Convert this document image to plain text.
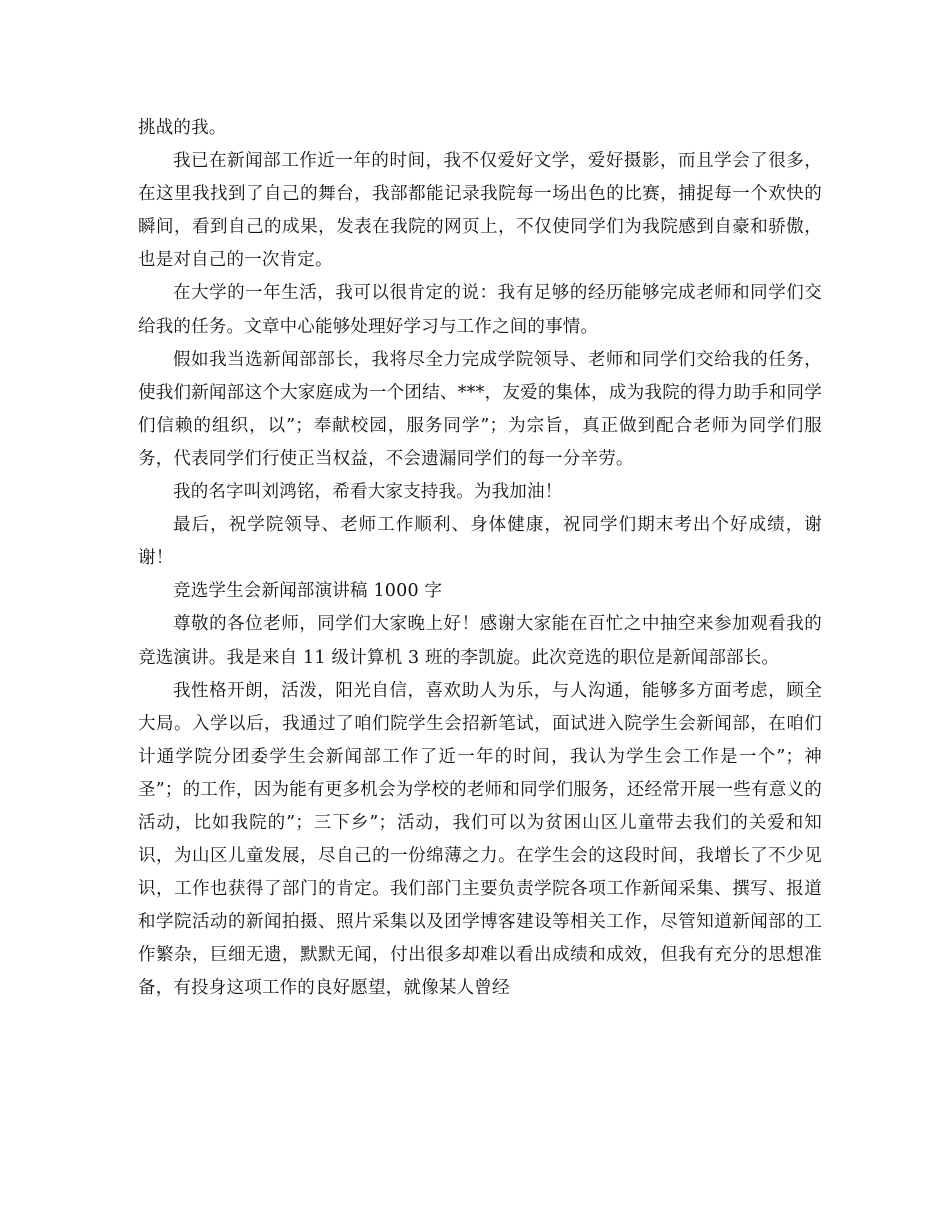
挑战的我。

我已在新闻部工作近一年的时间，我不仅爱好文学，爱好摄影，而且学会了很多，在这里我找到了自己的舞台，我部都能记录我院每一场出色的比赛，捕捉每一个欢快的瞬间，看到自己的成果，发表在我院的网页上，不仅使同学们为我院感到自豪和骄傲，也是对自己的一次肯定。

在大学的一年生活，我可以很肯定的说：我有足够的经历能够完成老师和同学们交给我的任务。文章中心能够处理好学习与工作之间的事情。

假如我当选新闻部部长，我将尽全力完成学院领导、老师和同学们交给我的任务，使我们新闻部这个大家庭成为一个团结、***，友爱的集体，成为我院的得力助手和同学们信赖的组织，以”；奉献校园，服务同学”；为宗旨，真正做到配合老师为同学们服务，代表同学们行使正当权益，不会遗漏同学们的每一分辛劳。

我的名字叫刘鸿铭，希看大家支持我。为我加油！

最后，祝学院领导、老师工作顺利、身体健康，祝同学们期末考出个好成绩，谢谢！

竞选学生会新闻部演讲稿 1000 字

尊敬的各位老师，同学们大家晚上好！感谢大家能在百忙之中抽空来参加观看我的竞选演讲。我是来自 11 级计算机 3 班的李凯旋。此次竞选的职位是新闻部部长。

我性格开朗，活泼，阳光自信，喜欢助人为乐，与人沟通，能够多方面考虑，顾全大局。入学以后，我通过了咱们院学生会招新笔试，面试进入院学生会新闻部，在咱们计通学院分团委学生会新闻部工作了近一年的时间，我认为学生会工作是一个”；神圣”；的工作，因为能有更多机会为学校的老师和同学们服务，还经常开展一些有意义的活动，比如我院的”；三下乡”；活动，我们可以为贫困山区儿童带去我们的关爱和知识，为山区儿童发展，尽自己的一份绵薄之力。在学生会的这段时间，我增长了不少见识，工作也获得了部门的肯定。我们部门主要负责学院各项工作新闻采集、撰写、报道和学院活动的新闻拍摄、照片采集以及团学博客建设等相关工作，尽管知道新闻部的工作繁杂，巨细无遗，默默无闻，付出很多却难以看出成绩和成效，但我有充分的思想准备，有投身这项工作的良好愿望，就像某人曾经
